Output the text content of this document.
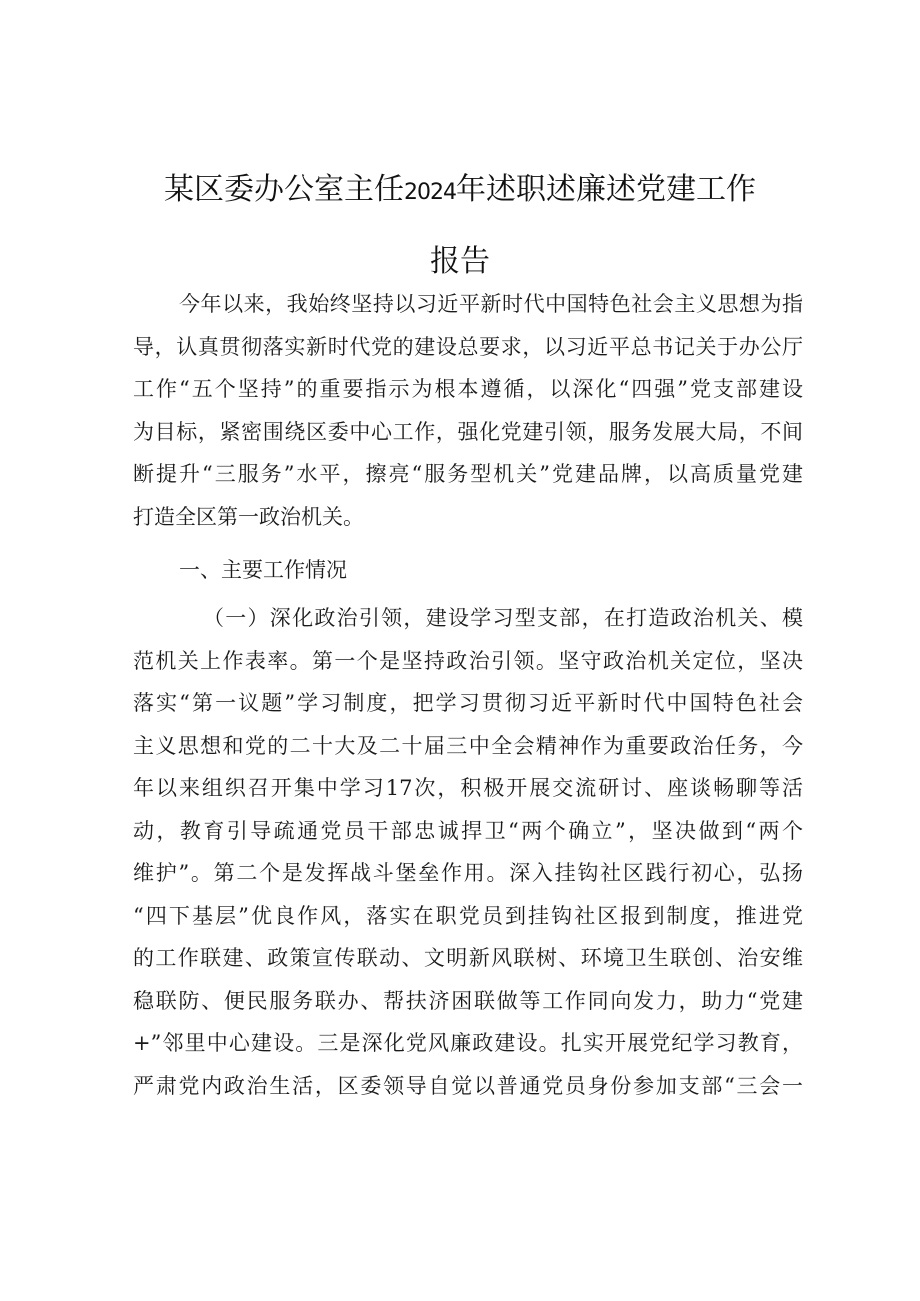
某区委办公室主任2024年述职述廉述党建工作
报告
今年以来，我始终坚持以习近平新时代中国特色社会主义思想为指
导，认真贯彻落实新时代党的建设总要求，以习近平总书记关于办公厅
工作“五个坚持”的重要指示为根本遵循，以深化“四强”党支部建设
为目标，紧密围绕区委中心工作，强化党建引领，服务发展大局，不间
断提升“三服务”水平，擦亮“服务型机关”党建品牌，以高质量党建
打造全区第一政治机关。
一、主要工作情况
（一）深化政治引领，建设学习型支部，在打造政治机关、模
范机关上作表率。第一个是坚持政治引领。坚守政治机关定位，坚决
落实“第一议题”学习制度，把学习贯彻习近平新时代中国特色社会
主义思想和党的二十大及二十届三中全会精神作为重要政治任务，今
年以来组织召开集中学习17次，积极开展交流研讨、座谈畅聊等活
动，教育引导疏通党员干部忠诚捍卫“两个确立”，坚决做到“两个
维护”。第二个是发挥战斗堡垒作用。深入挂钩社区践行初心，弘扬
“四下基层”优良作风，落实在职党员到挂钩社区报到制度，推进党
的工作联建、政策宣传联动、文明新风联树、环境卫生联创、治安维
稳联防、便民服务联办、帮扶济困联做等工作同向发力，助力“党建
+”邻里中心建设。三是深化党风廉政建设。扎实开展党纪学习教育，
严肃党内政治生活，区委领导自觉以普通党员身份参加支部“三会一
